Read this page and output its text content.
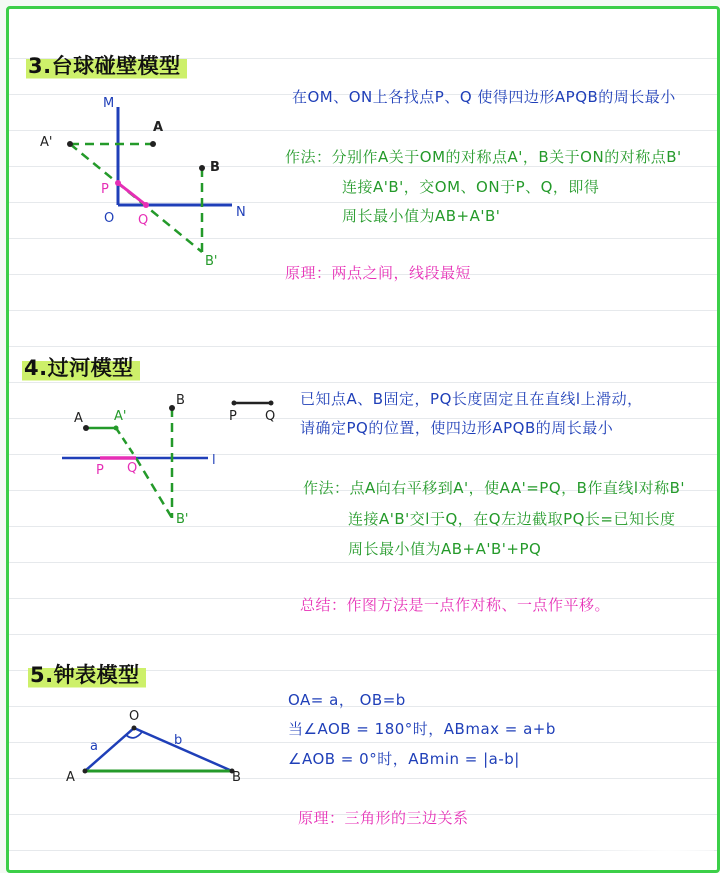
3.台球碰壁模型
M
A'
A
B
B'
P
Q
O	N
在OM、ON上各找点P、Q 使得四边形APQB的周长最小
作法：分别作A关于OM的对称点A'，B关于ON的对称点B'
连接A'B'，交OM、ON于P、Q，即得
周长最小值为AB+A'B'
原理：两点之间，线段最短
4.过河模型
A A'
B
B'
P Q
l
P Q
已知点A、B固定，PQ长度固定且在直线l上滑动，
请确定PQ的位置，使四边形APQB的周长最小
作法：点A向右平移到A'，使AA'=PQ，B作直线l对称B'
连接A'B'交l于Q，在Q左边截取PQ长=已知长度
周长最小值为AB+A'B'+PQ
总结：作图方法是一点作对称、一点作平移。
5.钟表模型
O
A	B
a	b
OA= a， OB=b
当∠AOB = 180°时，ABmax = a+b
∠AOB = 0°时，ABmin = |a-b|
原理：三角形的三边关系
